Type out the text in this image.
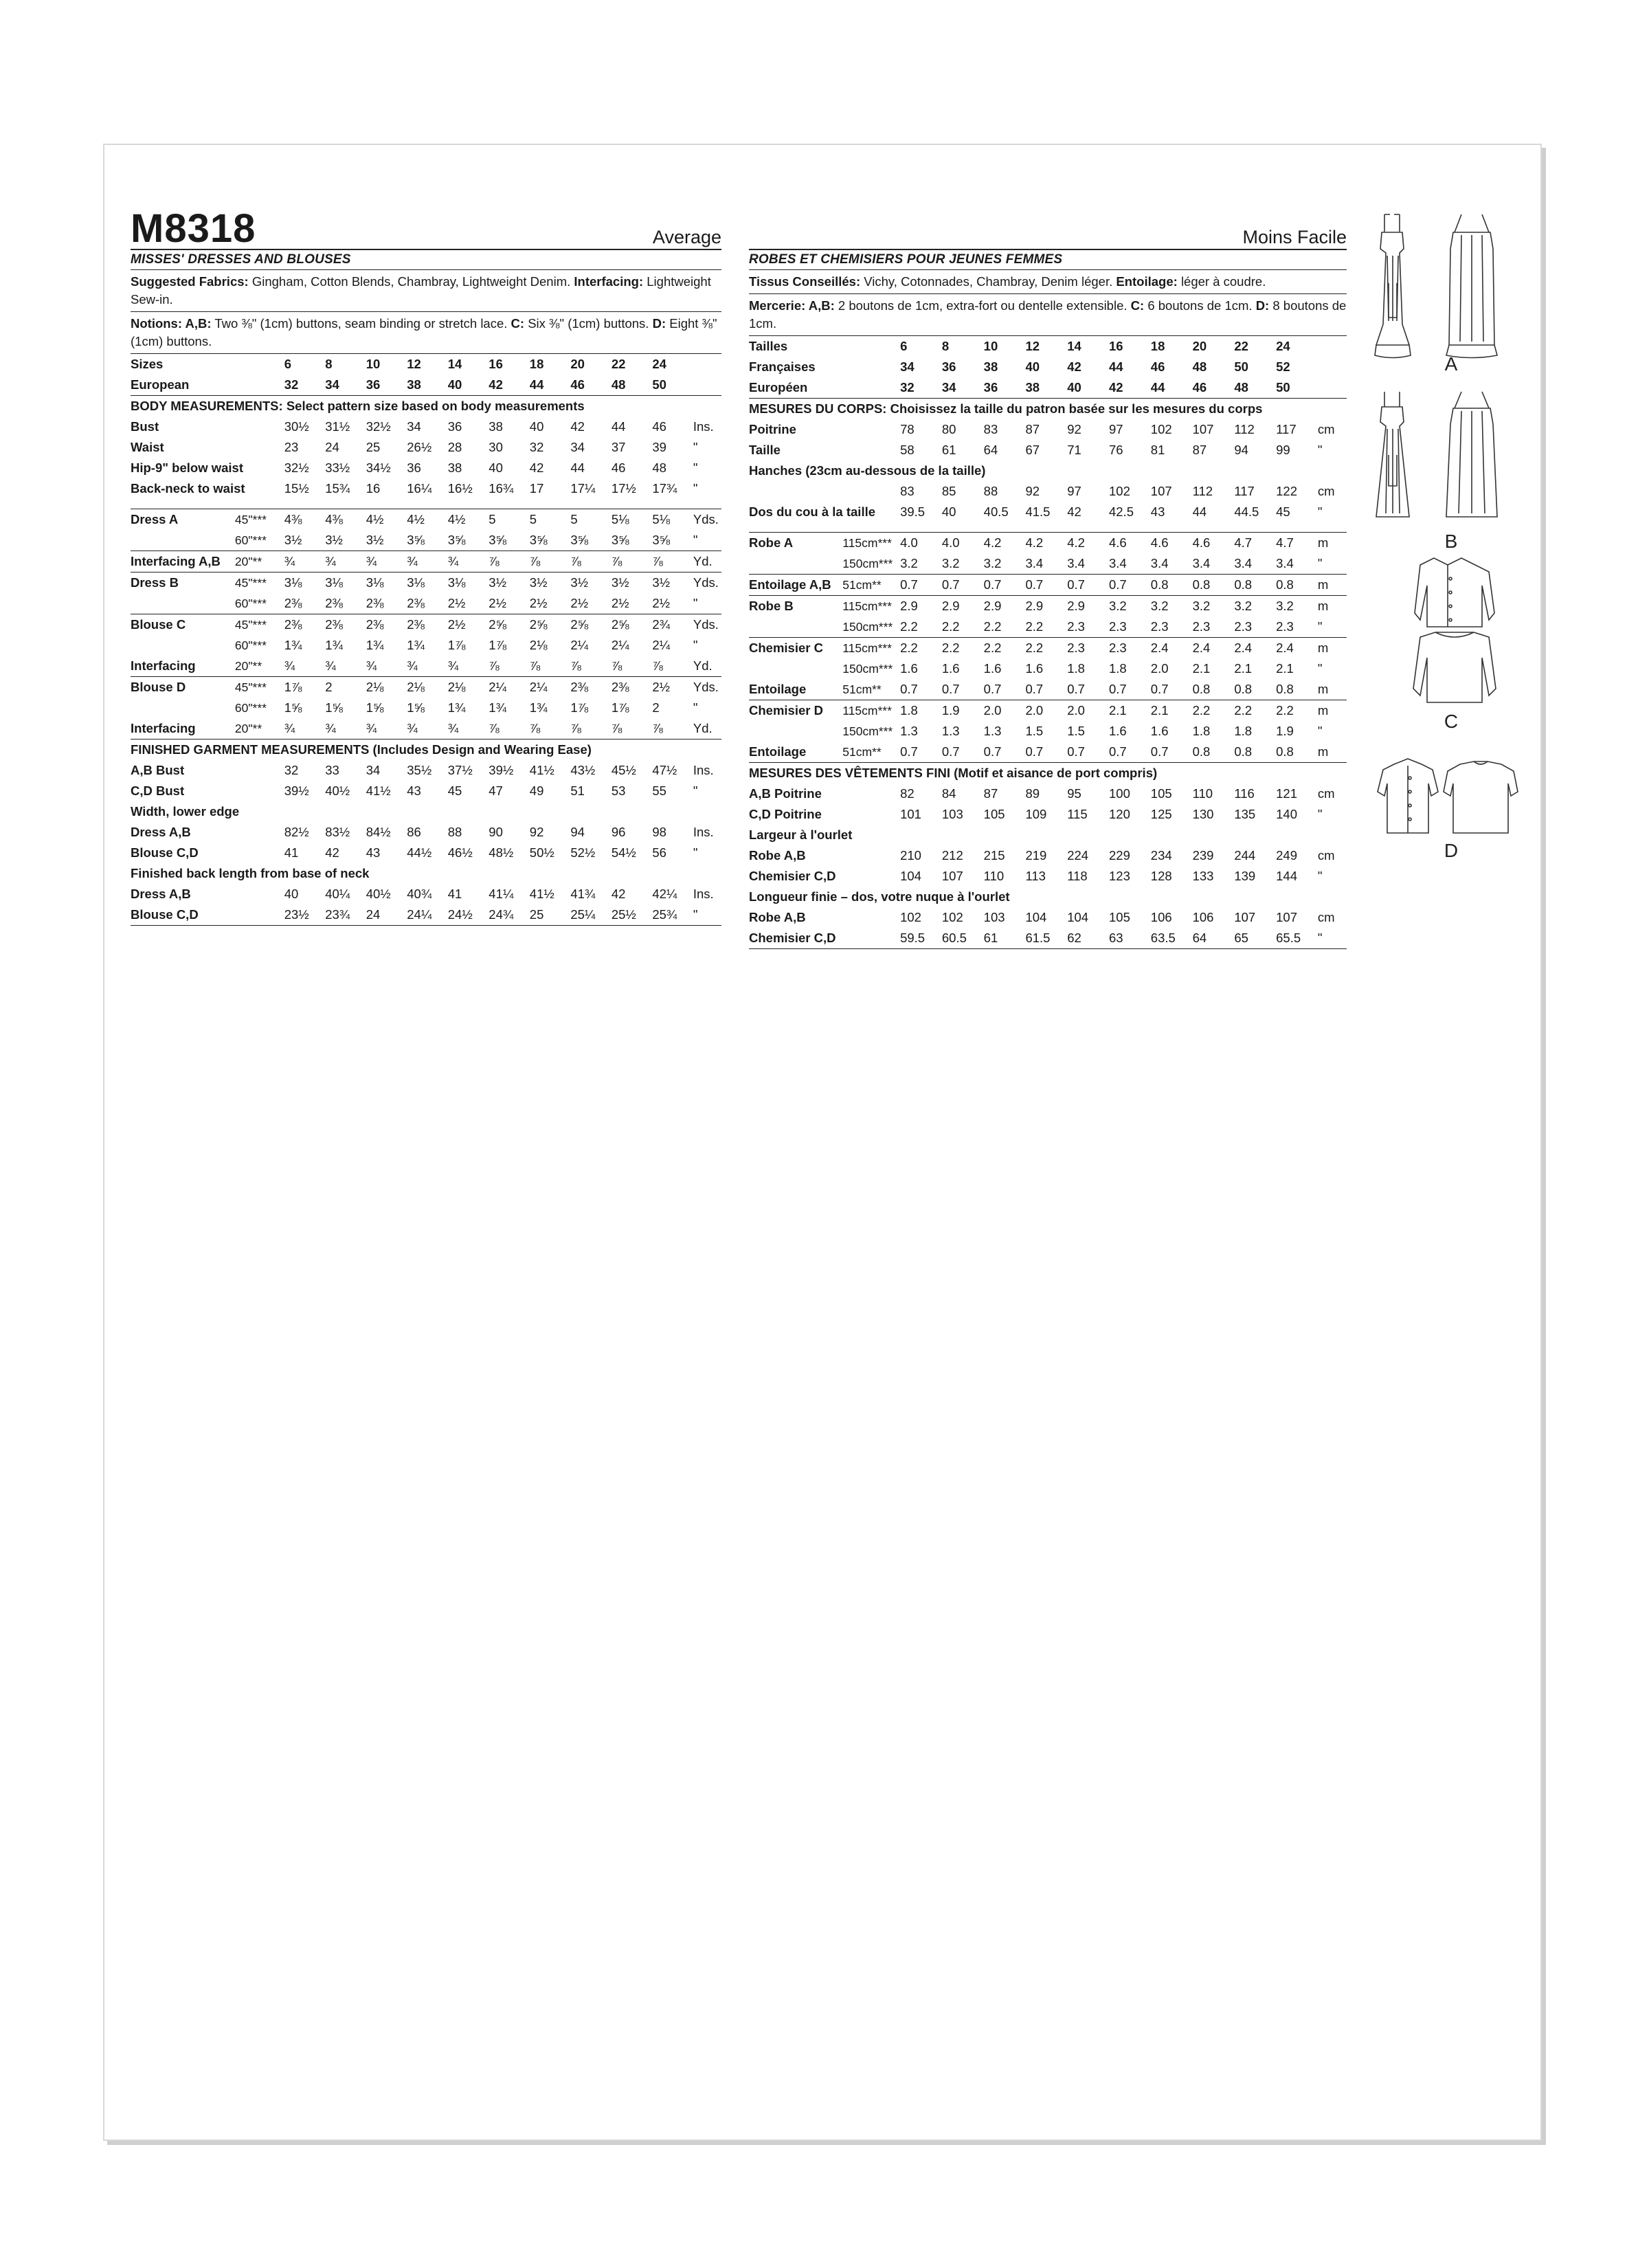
M8318	Average
MISSES' DRESSES AND BLOUSES
Suggested Fabrics: Gingham, Cotton Blends, Chambray, Lightweight Denim. Interfacing: Lightweight Sew-in.
Notions: A,B: Two ⅜" (1cm) buttons, seam binding or stretch lace. C: Six ⅜" (1cm) buttons. D: Eight ⅜" (1cm) buttons.
Sizes	6	8	10	12	14	16	18	20	22	24	
European	32	34	36	38	40	42	44	46	48	50	
BODY MEASUREMENTS: Select pattern size based on body measurements											
Bust	30½	31½	32½	34	36	38	40	42	44	46	Ins.
Waist	23	24	25	26½	28	30	32	34	37	39	"
Hip-9" below waist	32½	33½	34½	36	38	40	42	44	46	48	"
Back-neck to waist	15½	15¾	16	16¼	16½	16¾	17	17¼	17½	17¾	"

Dress A	45"***	4⅜	4⅜	4½	4½	4½	5	5	5	5⅛	5⅛	Yds.
	60"***	3½	3½	3½	3⅝	3⅝	3⅝	3⅝	3⅝	3⅝	3⅝	"
Interfacing A,B	20"**	¾	¾	¾	¾	¾	⅞	⅞	⅞	⅞	⅞	Yd.
Dress B	45"***	3⅛	3⅛	3⅛	3⅛	3⅛	3½	3½	3½	3½	3½	Yds.
	60"***	2⅜	2⅜	2⅜	2⅜	2½	2½	2½	2½	2½	2½	"
Blouse C	45"***	2⅜	2⅜	2⅜	2⅜	2½	2⅝	2⅝	2⅝	2⅝	2¾	Yds.
	60"***	1¾	1¾	1¾	1¾	1⅞	1⅞	2⅛	2¼	2¼	2¼	"
Interfacing	20"**	¾	¾	¾	¾	¾	⅞	⅞	⅞	⅞	⅞	Yd.
Blouse D	45"***	1⅞	2	2⅛	2⅛	2⅛	2¼	2¼	2⅜	2⅜	2½	Yds.
	60"***	1⅝	1⅝	1⅝	1⅝	1¾	1¾	1¾	1⅞	1⅞	2	"
Interfacing	20"**	¾	¾	¾	¾	¾	⅞	⅞	⅞	⅞	⅞	Yd.
FINISHED GARMENT MEASUREMENTS (Includes Design and Wearing Ease)											
A,B Bust	32	33	34	35½	37½	39½	41½	43½	45½	47½	Ins.
C,D Bust	39½	40½	41½	43	45	47	49	51	53	55	"
Width, lower edge											
Dress A,B	82½	83½	84½	86	88	90	92	94	96	98	Ins.
Blouse C,D	41	42	43	44½	46½	48½	50½	52½	54½	56	"
Finished back length from base of neck											
Dress A,B	40	40¼	40½	40¾	41	41¼	41½	41¾	42	42¼	Ins.
Blouse C,D	23½	23¾	24	24¼	24½	24¾	25	25¼	25½	25¾	"
Moins Facile
ROBES ET CHEMISIERS POUR JEUNES FEMMES
Tissus Conseillés: Vichy, Cotonnades, Chambray, Denim léger. Entoilage: léger à coudre.
Mercerie: A,B: 2 boutons de 1cm, extra-fort ou dentelle extensible. C: 6 boutons de 1cm. D: 8 boutons de 1cm.
Tailles	6	8	10	12	14	16	18	20	22	24	
Françaises	34	36	38	40	42	44	46	48	50	52	
Européen	32	34	36	38	40	42	44	46	48	50	
MESURES DU CORPS: Choisissez la taille du patron basée sur les mesures du corps											
Poitrine	78	80	83	87	92	97	102	107	112	117	cm
Taille	58	61	64	67	71	76	81	87	94	99	"
Hanches (23cm au-dessous de la taille)											
	83	85	88	92	97	102	107	112	117	122	cm
Dos du cou à la taille	39.5	40	40.5	41.5	42	42.5	43	44	44.5	45	"

Robe A	115cm***	4.0	4.0	4.2	4.2	4.2	4.6	4.6	4.6	4.7	4.7	m
	150cm***	3.2	3.2	3.2	3.4	3.4	3.4	3.4	3.4	3.4	3.4	"
Entoilage A,B	51cm**	0.7	0.7	0.7	0.7	0.7	0.7	0.8	0.8	0.8	0.8	m
Robe B	115cm***	2.9	2.9	2.9	2.9	2.9	3.2	3.2	3.2	3.2	3.2	m
	150cm***	2.2	2.2	2.2	2.2	2.3	2.3	2.3	2.3	2.3	2.3	"
Chemisier C	115cm***	2.2	2.2	2.2	2.2	2.3	2.3	2.4	2.4	2.4	2.4	m
	150cm***	1.6	1.6	1.6	1.6	1.8	1.8	2.0	2.1	2.1	2.1	"
Entoilage	51cm**	0.7	0.7	0.7	0.7	0.7	0.7	0.7	0.8	0.8	0.8	m
Chemisier D	115cm***	1.8	1.9	2.0	2.0	2.0	2.1	2.1	2.2	2.2	2.2	m
	150cm***	1.3	1.3	1.3	1.5	1.5	1.6	1.6	1.8	1.8	1.9	"
Entoilage	51cm**	0.7	0.7	0.7	0.7	0.7	0.7	0.7	0.8	0.8	0.8	m
MESURES DES VÊTEMENTS FINI (Motif et aisance de port compris)											
A,B Poitrine	82	84	87	89	95	100	105	110	116	121	cm
C,D Poitrine	101	103	105	109	115	120	125	130	135	140	"
Largeur à l'ourlet											
Robe A,B	210	212	215	219	224	229	234	239	244	249	cm
Chemisier C,D	104	107	110	113	118	123	128	133	139	144	"
Longueur finie – dos, votre nuque à l'ourlet											
Robe A,B	102	102	103	104	104	105	106	106	107	107	cm
Chemisier C,D	59.5	60.5	61	61.5	62	63	63.5	64	65	65.5	"
A
B
C
D
